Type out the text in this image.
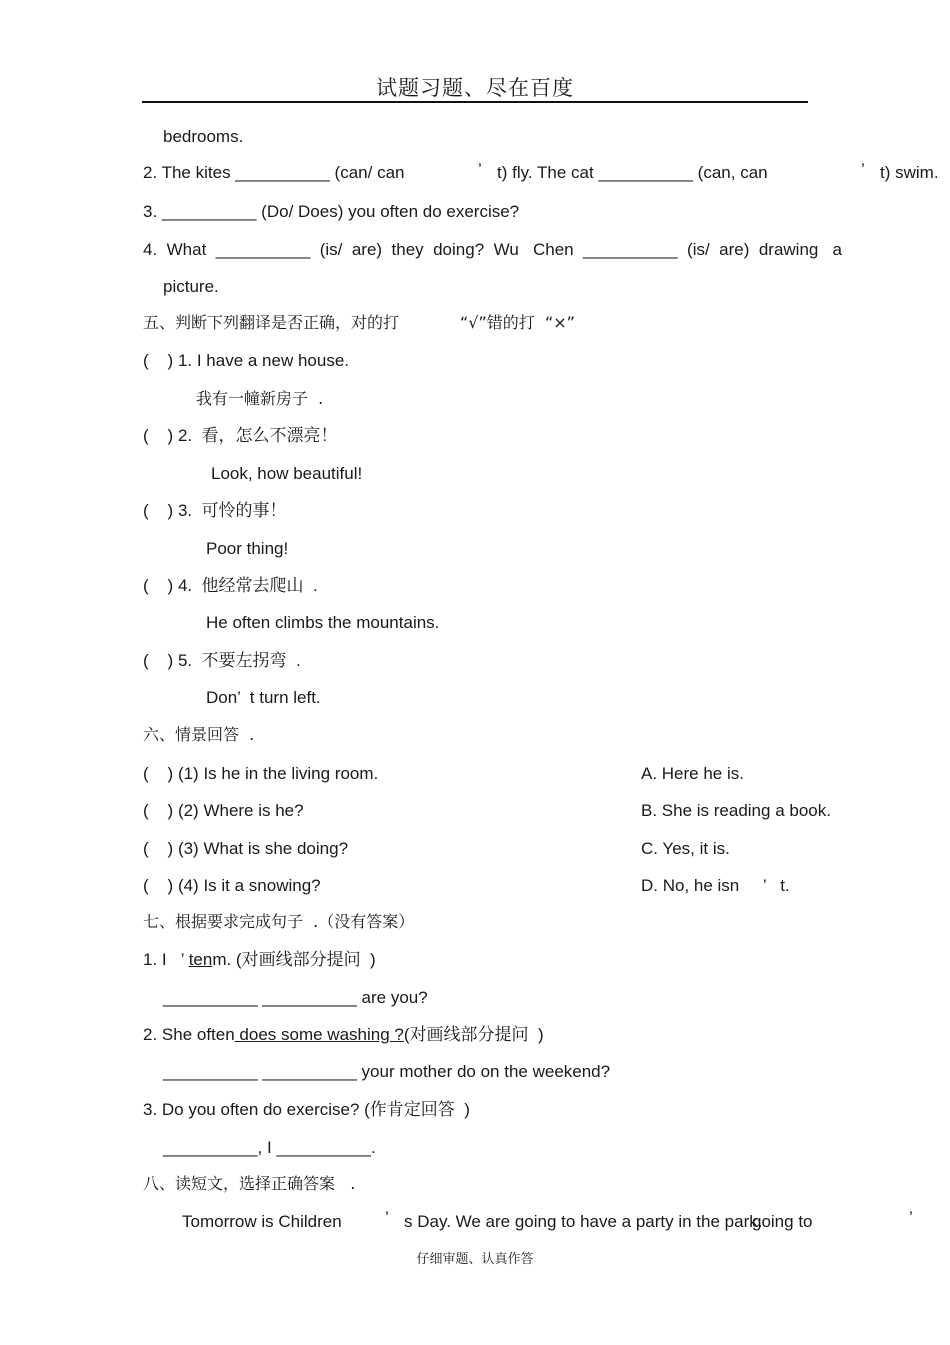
试题习题、尽在百度
bedrooms.
2. The kites __________ (can/ can	’ t) fly. The cat __________ (can, can	’ t) swim.
3. __________ (Do/ Does) you often do exercise?
4.  What  __________  (is/  are)  they  doing?  Wu   Chen  __________  (is/  are)  drawing   a
picture.
五、判断下列翻译是否正确，对的打	“√”错的打  “×”
(    ) 1. I have a new house.
我有一幢新房子  .
(    ) 2.  看，怎么不漂亮！
Look, how beautiful!
(    ) 3.  可怜的事！
Poor thing!
(    ) 4.  他经常去爬山  .
He often climbs the mountains.
(    ) 5.  不要左拐弯  .
Don’  t turn left.
六、情景回答  .
(    ) (1) Is he in the living room.	A. Here he is.
(    ) (2) Where is he?	B. She is reading a book.
(    ) (3) What is she doing?	C. Yes, it is.
(    ) (4) Is it a snowing?	D. No, he isn     ’   t.
七、根据要求完成句子  .（没有答案）
1. I   ’ tenm. (对画线部分提问  )
__________ __________ are you?
2. She often does some washing ?(对画线部分提问  )
__________ __________ your mother do on the weekend?
3. Do you often do exercise? (作肯定回答  )
__________, I __________.
八、读短文，选择正确答案   .
Tomorrow is Children	’ s Day. We are going to have a party in the park.
going to	’
仔细审题、认真作答
